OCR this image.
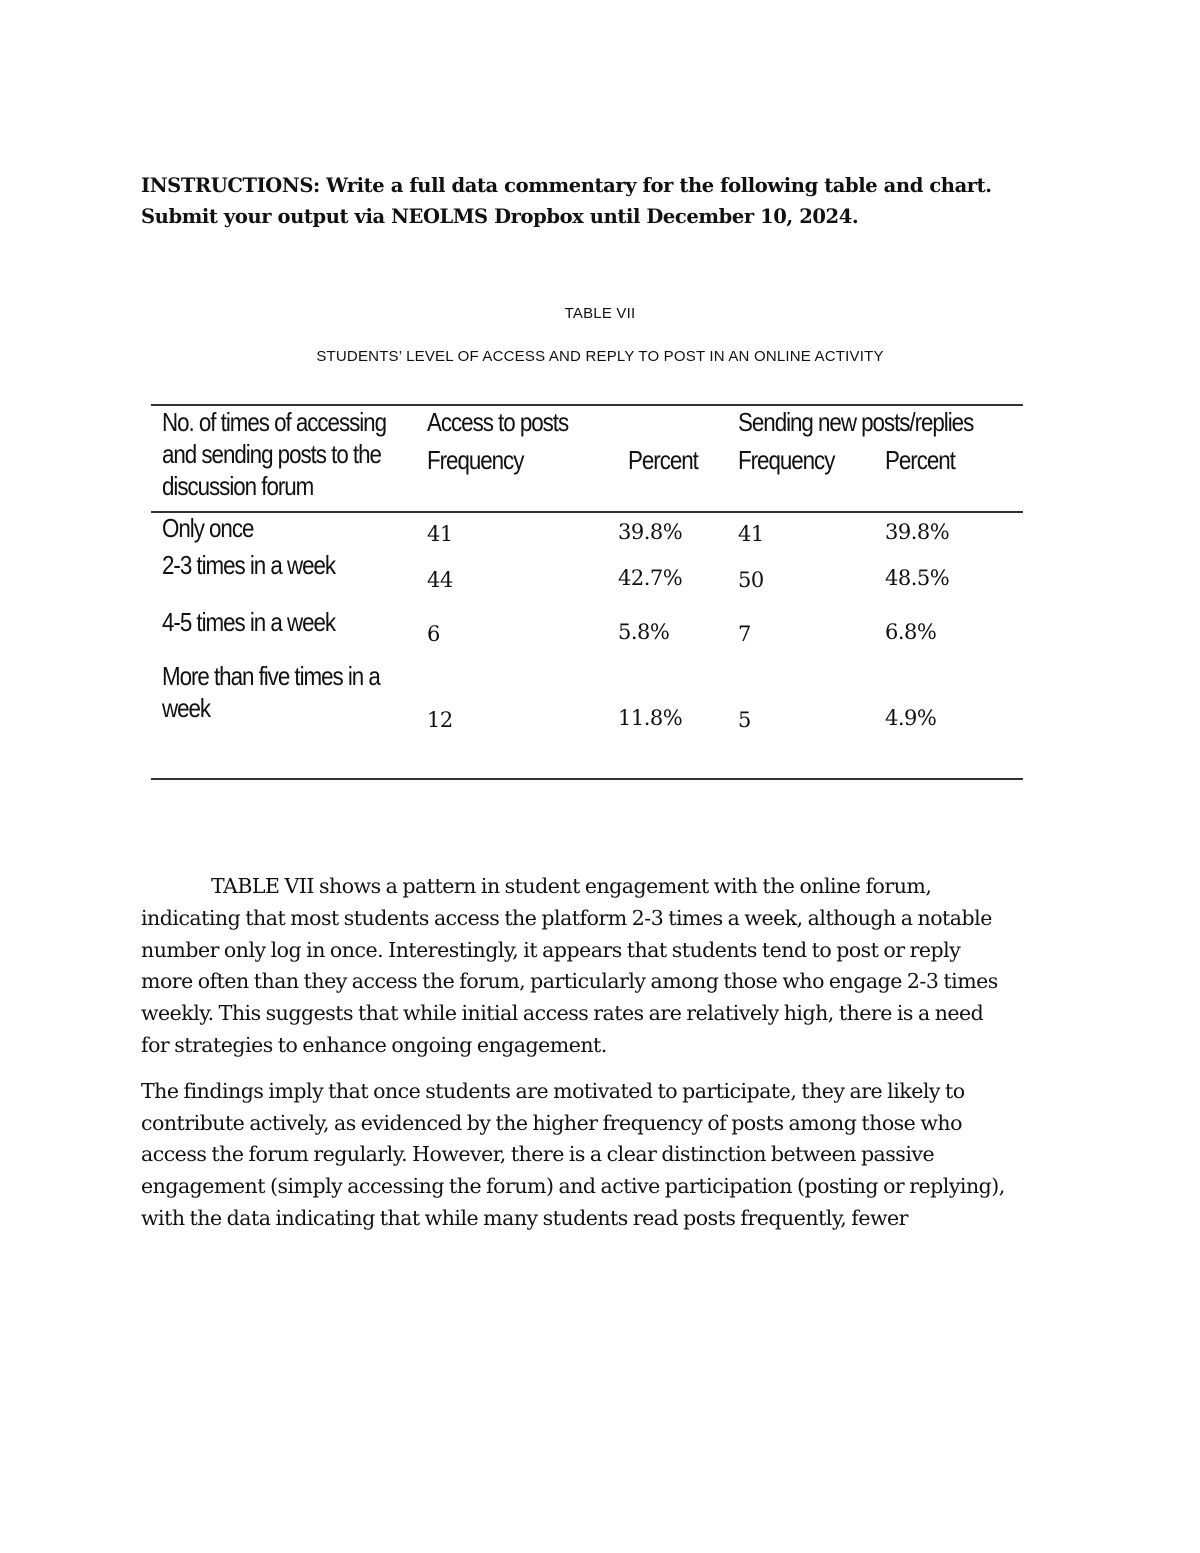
INSTRUCTIONS: Write a full data commentary for the following table and chart.
Submit your output via NEOLMS Dropbox until December 10, 2024.
TABLE VII
STUDENTS’ LEVEL OF ACCESS AND REPLY TO POST IN AN ONLINE ACTIVITY
No. of times of accessing
and sending posts to the
discussion forum
Access to posts	Sending new posts/replies
Frequency	Percent Frequency Percent
Only once	41	39.8%	41	39.8%
2-3 times in a week	44	42.7%	50	48.5%
4-5 times in a week	6	5.8%	7	6.8%
More than five times in a
week	12	11.8%	5	4.9%
TABLE VII shows a pattern in student engagement with the online forum,
indicating that most students access the platform 2-3 times a week, although a notable
number only log in once. Interestingly, it appears that students tend to post or reply
more often than they access the forum, particularly among those who engage 2-3 times
weekly. This suggests that while initial access rates are relatively high, there is a need
for strategies to enhance ongoing engagement.
The findings imply that once students are motivated to participate, they are likely to
contribute actively, as evidenced by the higher frequency of posts among those who
access the forum regularly. However, there is a clear distinction between passive
engagement (simply accessing the forum) and active participation (posting or replying),
with the data indicating that while many students read posts frequently, fewer
